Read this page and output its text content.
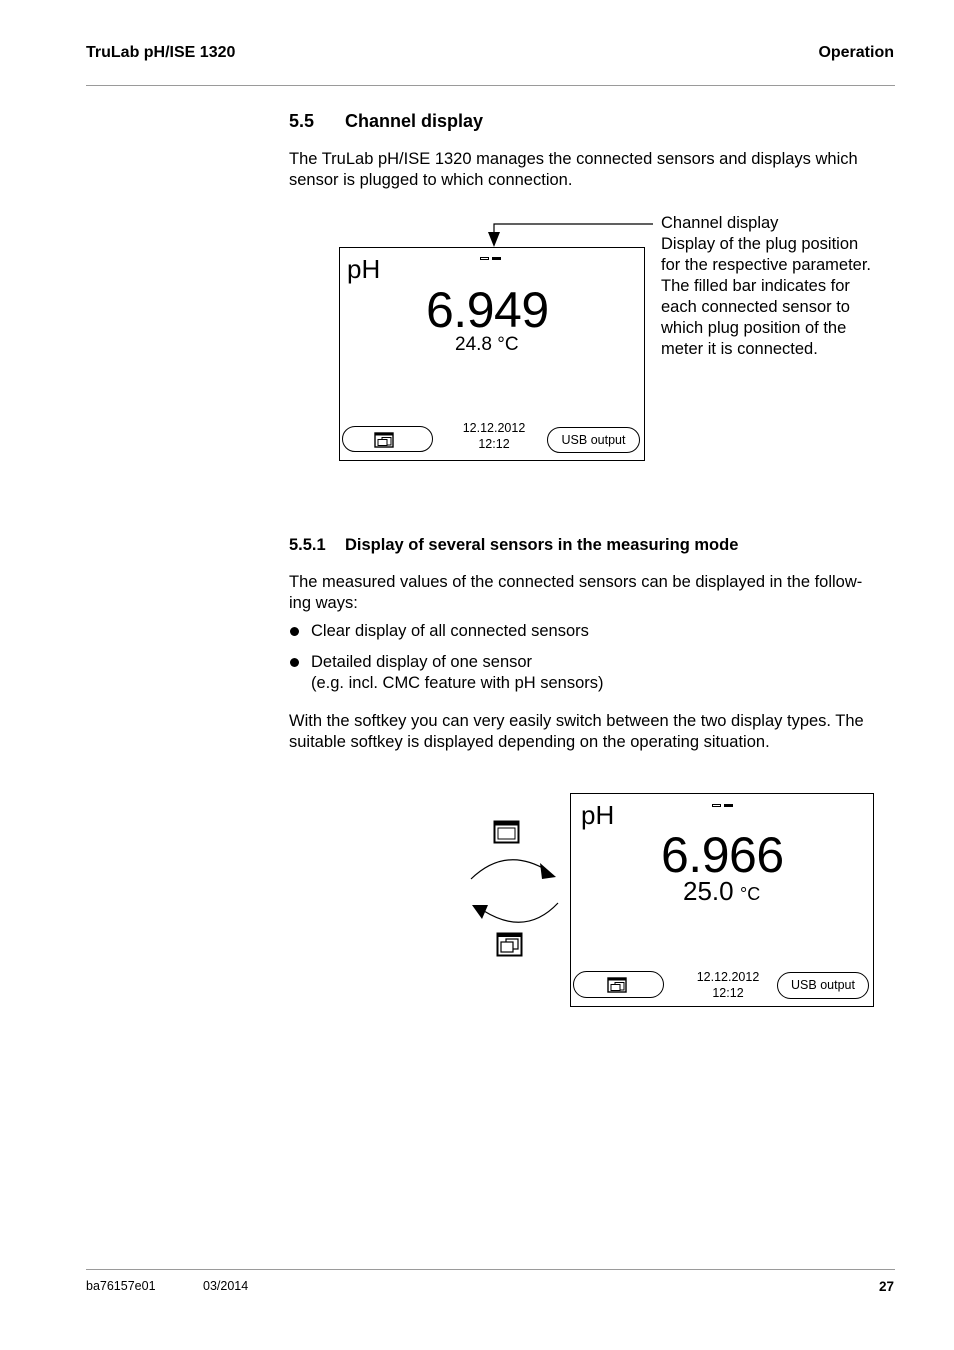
TruLab pH/ISE 1320	Operation
5.5 Channel display
The TruLab pH/ISE 1320 manages the connected sensors and displays which
sensor is plugged to which connection.
Channel display
Display of the plug position
for the respective parameter.
The filled bar indicates for
each connected sensor to
which plug position of the
meter it is connected.
pH
6.949
24.8 °C
12.12.2012
12:12	USB output
5.5.1 Display of several sensors in the measuring mode
The measured values of the connected sensors can be displayed in the follow-
ing ways:
Clear display of all connected sensors
Detailed display of one sensor
(e.g. incl. CMC feature with pH sensors)
With the softkey you can very easily switch between the two display types. The
suitable softkey is displayed depending on the operating situation.
pH
6.966
25.0 °C
12.12.2012
12:12
USB output
ba76157e01	03/2014	27
